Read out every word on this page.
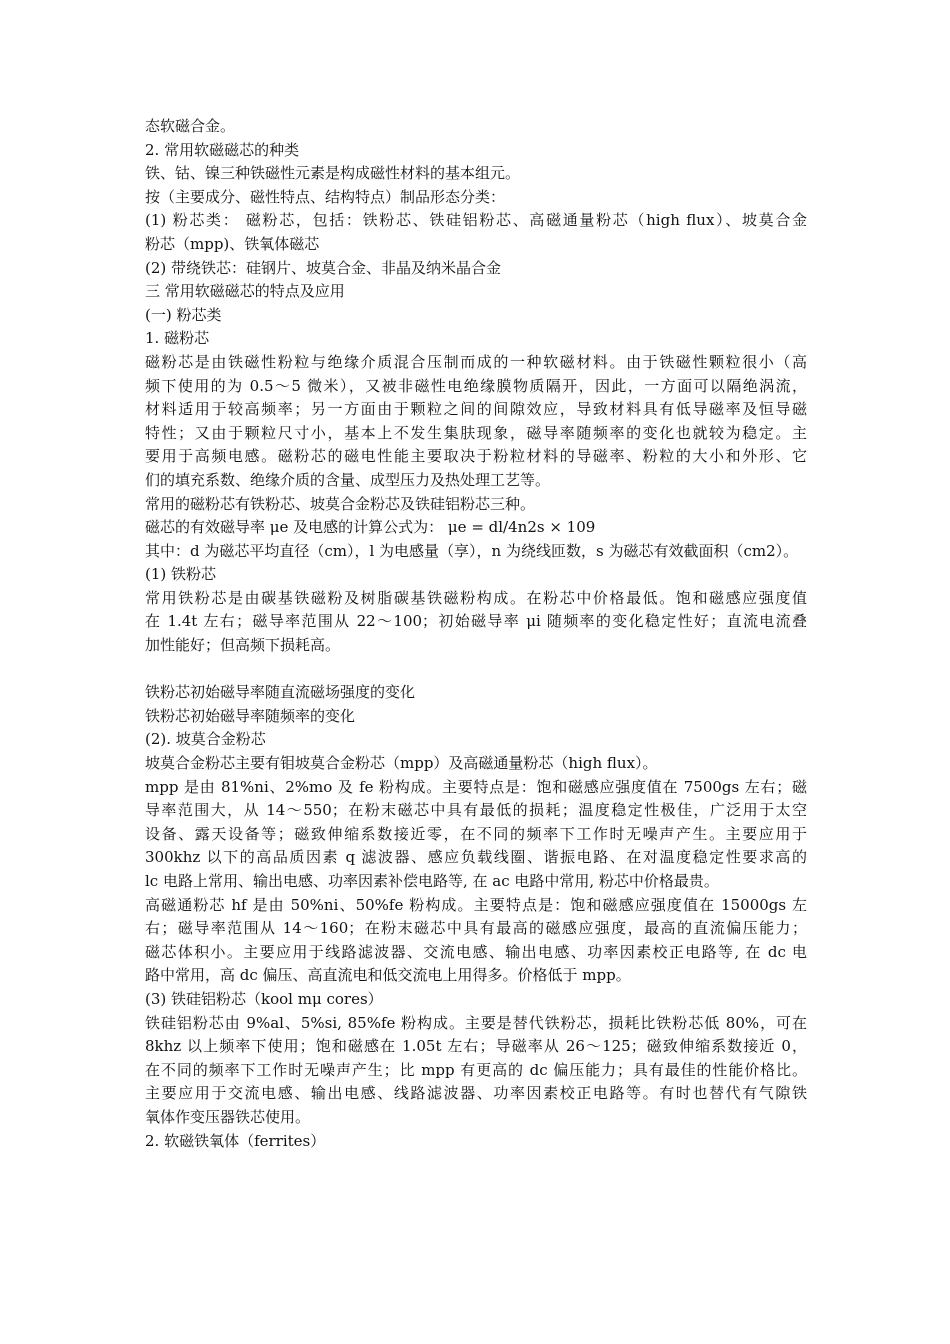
态软磁合金。
2. 常用软磁磁芯的种类
铁、钴、镍三种铁磁性元素是构成磁性材料的基本组元。
按（主要成分、磁性特点、结构特点）制品形态分类：
(1) 粉芯类： 磁粉芯，包括：铁粉芯、铁硅铝粉芯、高磁通量粉芯（high flux）、坡莫合金
粉芯（mpp)、铁氧体磁芯
(2) 带绕铁芯：硅钢片、坡莫合金、非晶及纳米晶合金
三 常用软磁磁芯的特点及应用
(一) 粉芯类
1. 磁粉芯
磁粉芯是由铁磁性粉粒与绝缘介质混合压制而成的一种软磁材料。由于铁磁性颗粒很小（高
频下使用的为 0.5～5 微米），又被非磁性电绝缘膜物质隔开，因此，一方面可以隔绝涡流，
材料适用于较高频率；另一方面由于颗粒之间的间隙效应，导致材料具有低导磁率及恒导磁
特性；又由于颗粒尺寸小，基本上不发生集肤现象，磁导率随频率的变化也就较为稳定。主
要用于高频电感。磁粉芯的磁电性能主要取决于粉粒材料的导磁率、粉粒的大小和外形、它
们的填充系数、绝缘介质的含量、成型压力及热处理工艺等。
常用的磁粉芯有铁粉芯、坡莫合金粉芯及铁硅铝粉芯三种。
磁芯的有效磁导率 μe 及电感的计算公式为： μe = dl/4n2s × 109
其中：d 为磁芯平均直径（cm），l 为电感量（享），n 为绕线匝数，s 为磁芯有效截面积（cm2）。
(1) 铁粉芯
常用铁粉芯是由碳基铁磁粉及树脂碳基铁磁粉构成。在粉芯中价格最低。饱和磁感应强度值
在 1.4t 左右；磁导率范围从 22～100；初始磁导率 μi 随频率的变化稳定性好；直流电流叠
加性能好；但高频下损耗高。
铁粉芯初始磁导率随直流磁场强度的变化
铁粉芯初始磁导率随频率的变化
(2). 坡莫合金粉芯
坡莫合金粉芯主要有钼坡莫合金粉芯（mpp）及高磁通量粉芯（high flux）。
mpp 是由 81%ni、2%mo 及 fe 粉构成。主要特点是：饱和磁感应强度值在 7500gs 左右；磁
导率范围大，从 14～550；在粉末磁芯中具有最低的损耗；温度稳定性极佳，广泛用于太空
设备、露天设备等；磁致伸缩系数接近零，在不同的频率下工作时无噪声产生。主要应用于
300khz 以下的高品质因素 q 滤波器、感应负载线圈、谐振电路、在对温度稳定性要求高的
lc 电路上常用、输出电感、功率因素补偿电路等, 在 ac 电路中常用, 粉芯中价格最贵。
高磁通粉芯 hf 是由 50%ni、50%fe 粉构成。主要特点是：饱和磁感应强度值在 15000gs 左
右；磁导率范围从 14～160；在粉末磁芯中具有最高的磁感应强度，最高的直流偏压能力；
磁芯体积小。主要应用于线路滤波器、交流电感、输出电感、功率因素校正电路等, 在 dc 电
路中常用，高 dc 偏压、高直流电和低交流电上用得多。价格低于 mpp。
(3) 铁硅铝粉芯（kool mμ cores）
铁硅铝粉芯由 9%al、5%si, 85%fe 粉构成。主要是替代铁粉芯，损耗比铁粉芯低 80%，可在
8khz 以上频率下使用；饱和磁感在 1.05t 左右；导磁率从 26～125；磁致伸缩系数接近 0，
在不同的频率下工作时无噪声产生；比 mpp 有更高的 dc 偏压能力；具有最佳的性能价格比。
主要应用于交流电感、输出电感、线路滤波器、功率因素校正电路等。有时也替代有气隙铁
氧体作变压器铁芯使用。
2. 软磁铁氧体（ferrites）
